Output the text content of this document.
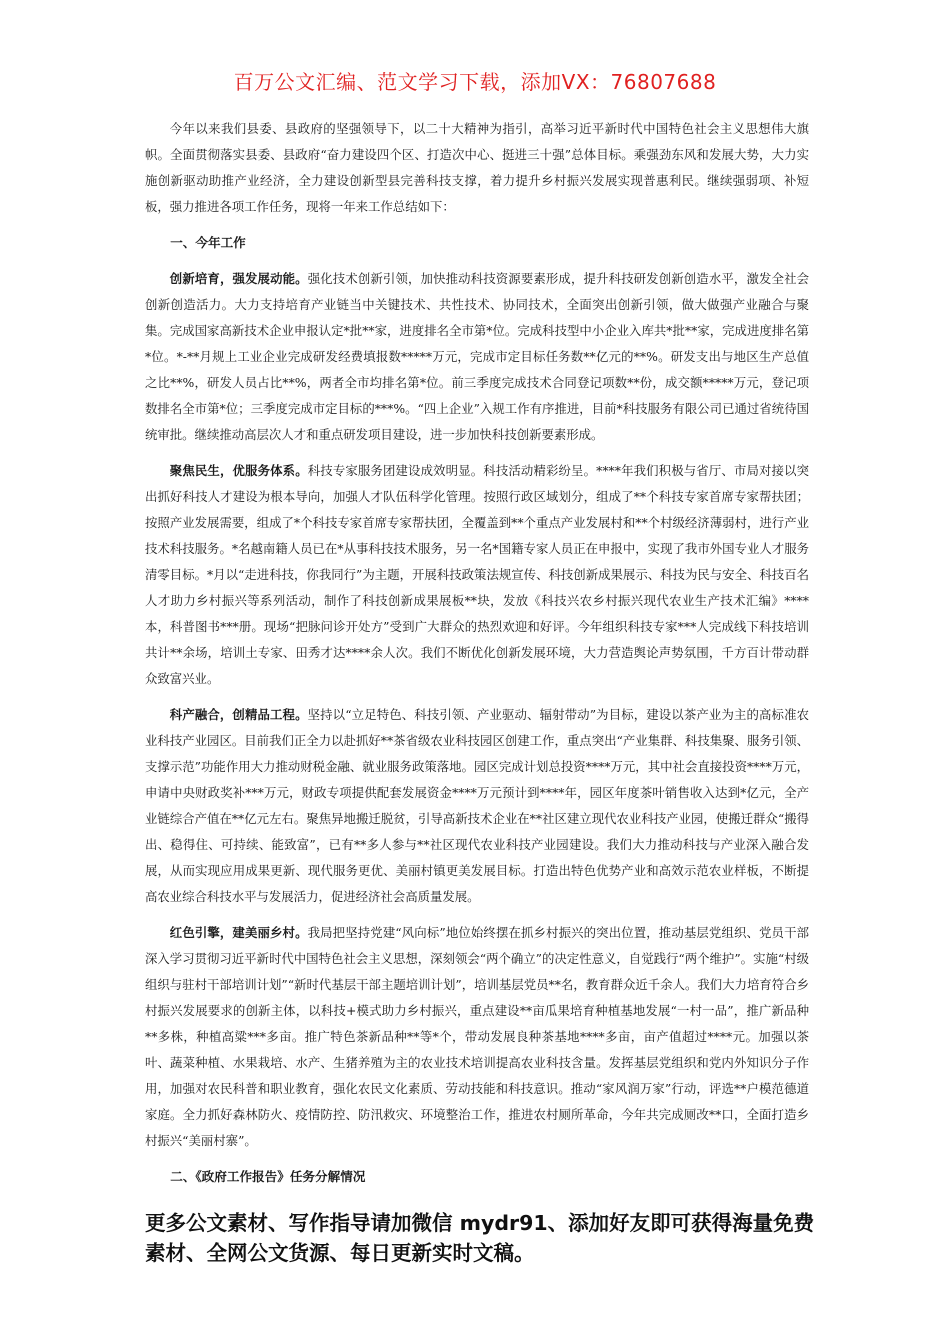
百万公文汇编、范文学习下载，添加VX：76807688

今年以来我们县委、县政府的坚强领导下，以二十大精神为指引，高举习近平新时代中国特色社会主义思想伟大旗帜。全面贯彻落实县委、县政府“奋力建设四个区、打造次中心、挺进三十强”总体目标。乘强劲东风和发展大势，大力实施创新驱动助推产业经济，全力建设创新型县完善科技支撑，着力提升乡村振兴发展实现普惠利民。继续强弱项、补短板，强力推进各项工作任务，现将一年来工作总结如下：

一、今年工作

创新培育，强发展动能。强化技术创新引领，加快推动科技资源要素形成，提升科技研发创新创造水平，激发全社会创新创造活力。大力支持培育产业链当中关键技术、共性技术、协同技术，全面突出创新引领，做大做强产业融合与聚集。完成国家高新技术企业申报认定*批**家，进度排名全市第*位。完成科技型中小企业入库共*批**家，完成进度排名第*位。*-**月规上工业企业完成研发经费填报数*****万元，完成市定目标任务数**亿元的**%。研发支出与地区生产总值之比**%，研发人员占比**%，两者全市均排名第*位。前三季度完成技术合同登记项数**份，成交额*****万元，登记项数排名全市第*位；三季度完成市定目标的***%。“四上企业”入规工作有序推进，目前*科技服务有限公司已通过省统待国统审批。继续推动高层次人才和重点研发项目建设，进一步加快科技创新要素形成。

聚焦民生，优服务体系。科技专家服务团建设成效明显。科技活动精彩纷呈。****年我们积极与省厅、市局对接以突出抓好科技人才建设为根本导向，加强人才队伍科学化管理。按照行政区域划分，组成了**个科技专家首席专家帮扶团；按照产业发展需要，组成了*个科技专家首席专家帮扶团，全覆盖到**个重点产业发展村和**个村级经济薄弱村，进行产业技术科技服务。*名越南籍人员已在*从事科技技术服务，另一名*国籍专家人员正在申报中，实现了我市外国专业人才服务清零目标。*月以“走进科技，你我同行”为主题，开展科技政策法规宣传、科技创新成果展示、科技为民与安全、科技百名人才助力乡村振兴等系列活动，制作了科技创新成果展板**块，发放《科技兴农乡村振兴现代农业生产技术汇编》****本，科普图书***册。现场“把脉问诊开处方”受到广大群众的热烈欢迎和好评。今年组织科技专家***人完成线下科技培训共计**余场，培训土专家、田秀才达****余人次。我们不断优化创新发展环境，大力营造舆论声势氛围，千方百计带动群众致富兴业。

科产融合，创精品工程。坚持以“立足特色、科技引领、产业驱动、辐射带动”为目标，建设以茶产业为主的高标准农业科技产业园区。目前我们正全力以赴抓好**茶省级农业科技园区创建工作，重点突出“产业集群、科技集聚、服务引领、支撑示范”功能作用大力推动财税金融、就业服务政策落地。园区完成计划总投资****万元，其中社会直接投资****万元，申请中央财政奖补***万元，财政专项提供配套发展资金****万元预计到****年，园区年度茶叶销售收入达到*亿元，全产业链综合产值在**亿元左右。聚焦异地搬迁脱贫，引导高新技术企业在**社区建立现代农业科技产业园，使搬迁群众“搬得出、稳得住、可持续、能致富”，已有**多人参与**社区现代农业科技产业园建设。我们大力推动科技与产业深入融合发展，从而实现应用成果更新、现代服务更优、美丽村镇更美发展目标。打造出特色优势产业和高效示范农业样板，不断提高农业综合科技水平与发展活力，促进经济社会高质量发展。

红色引擎，建美丽乡村。我局把坚持党建“风向标”地位始终摆在抓乡村振兴的突出位置，推动基层党组织、党员干部深入学习贯彻习近平新时代中国特色社会主义思想，深刻领会“两个确立”的决定性意义，自觉践行“两个维护”。实施“村级组织与驻村干部培训计划”“新时代基层干部主题培训计划”，培训基层党员**名，教育群众近千余人。我们大力培育符合乡村振兴发展要求的创新主体，以科技+模式助力乡村振兴，重点建设**亩瓜果培育种植基地发展“一村一品”，推广新品种**多株，种植高粱***多亩。推广特色茶新品种**等*个，带动发展良种茶基地****多亩，亩产值超过****元。加强以茶叶、蔬菜种植、水果栽培、水产、生猪养殖为主的农业技术培训提高农业科技含量。发挥基层党组织和党内外知识分子作用，加强对农民科普和职业教育，强化农民文化素质、劳动技能和科技意识。推动“家风润万家”行动，评选**户模范德道家庭。全力抓好森林防火、疫情防控、防汛救灾、环境整治工作，推进农村厕所革命，今年共完成厕改**口，全面打造乡村振兴“美丽村寨”。

二、《政府工作报告》任务分解情况
更多公文素材、写作指导请加微信 mydr91、添加好友即可获得海量免费素材、全网公文货源、每日更新实时文稿。
